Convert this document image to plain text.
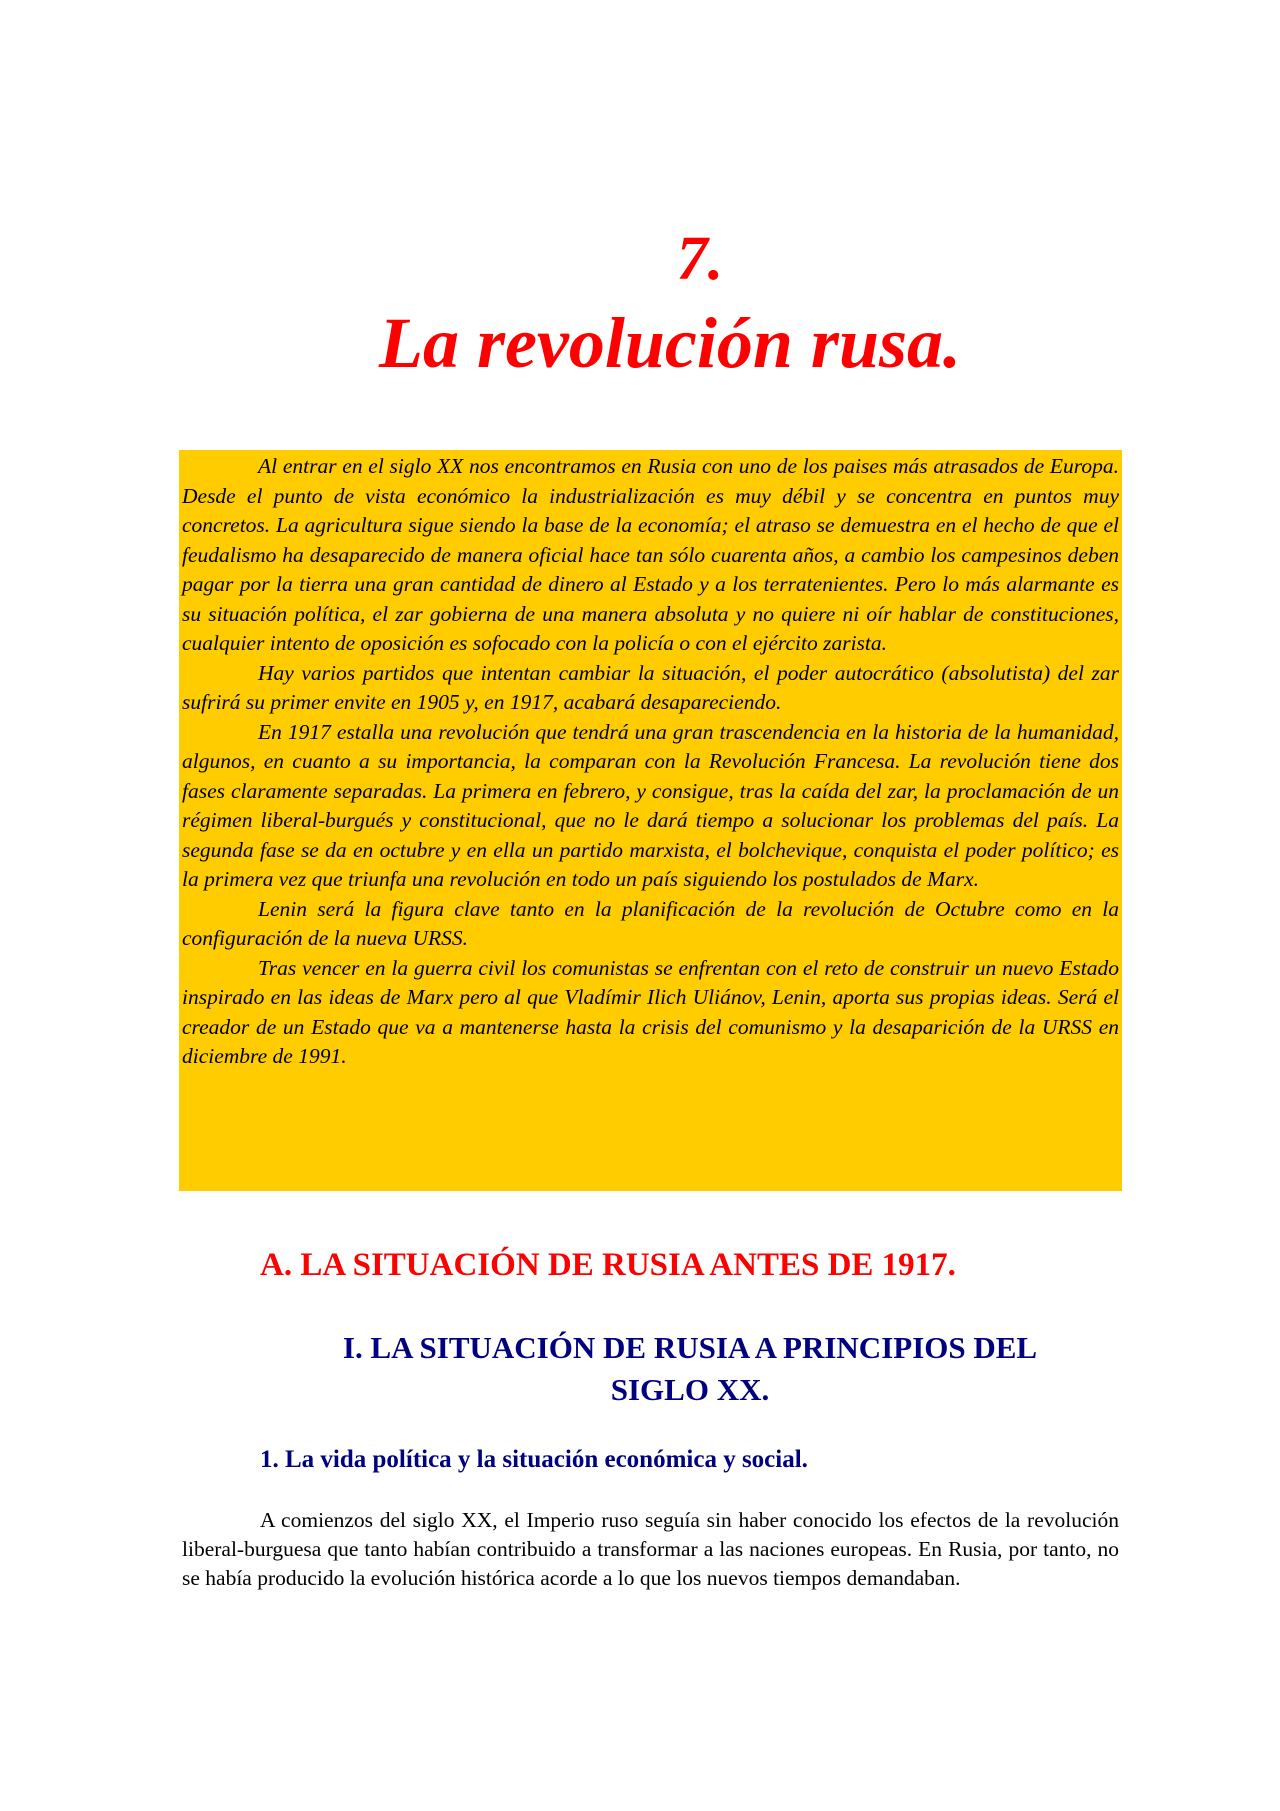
7.
La revolución rusa.

Al entrar en el siglo XX nos encontramos en Rusia con uno de los paises más atrasados de Europa. Desde el punto de vista económico la industrialización es muy débil y se concentra en puntos muy concretos. La agricultura sigue siendo la base de la economía; el atraso se demuestra en el hecho de que el feudalismo ha desaparecido de manera oficial hace tan sólo cuarenta años, a cambio los campesinos deben pagar por la tierra una gran cantidad de dinero al Estado y a los terratenientes. Pero lo más alarmante es su situación política, el zar gobierna de una manera absoluta y no quiere ni oír hablar de constituciones, cualquier intento de oposición es sofocado con la policía o con el ejército zarista.

Hay varios partidos que intentan cambiar la situación, el poder autocrático (absolutista) del zar sufrirá su primer envite en 1905 y, en 1917, acabará desapareciendo.

En 1917 estalla una revolución que tendrá una gran trascendencia en la historia de la humanidad, algunos, en cuanto a su importancia, la comparan con la Revolución Francesa. La revolución tiene dos fases claramente separadas. La primera en febrero, y consigue, tras la caída del zar, la proclamación de un régimen liberal-burgués y constitucional, que no le dará tiempo a solucionar los problemas del país. La segunda fase se da en octubre y en ella un partido marxista, el bolchevique, conquista el poder político; es la primera vez que triunfa una revolución en todo un país siguiendo los postulados de Marx.

Lenin será la figura clave tanto en la planificación de la revolución de Octubre como en la configuración de la nueva URSS.

Tras vencer en la guerra civil los comunistas se enfrentan con el reto de construir un nuevo Estado inspirado en las ideas de Marx pero al que Vladímir Ilich Uliánov, Lenin, aporta sus propias ideas. Será el creador de un Estado que va a mantenerse hasta la crisis del comunismo y la desaparición de la URSS en diciembre de 1991.

A. LA SITUACIÓN DE RUSIA ANTES DE 1917.
I. LA SITUACIÓN DE RUSIA A PRINCIPIOS DEL
SIGLO XX.
1. La vida política y la situación económica y social.

A comienzos del siglo XX, el Imperio ruso seguía sin haber conocido los efectos de la revolución liberal-burguesa que tanto habían contribuido a transformar a las naciones europeas. En Rusia, por tanto, no se había producido la evolución histórica acorde a lo que los nuevos tiempos demandaban.
